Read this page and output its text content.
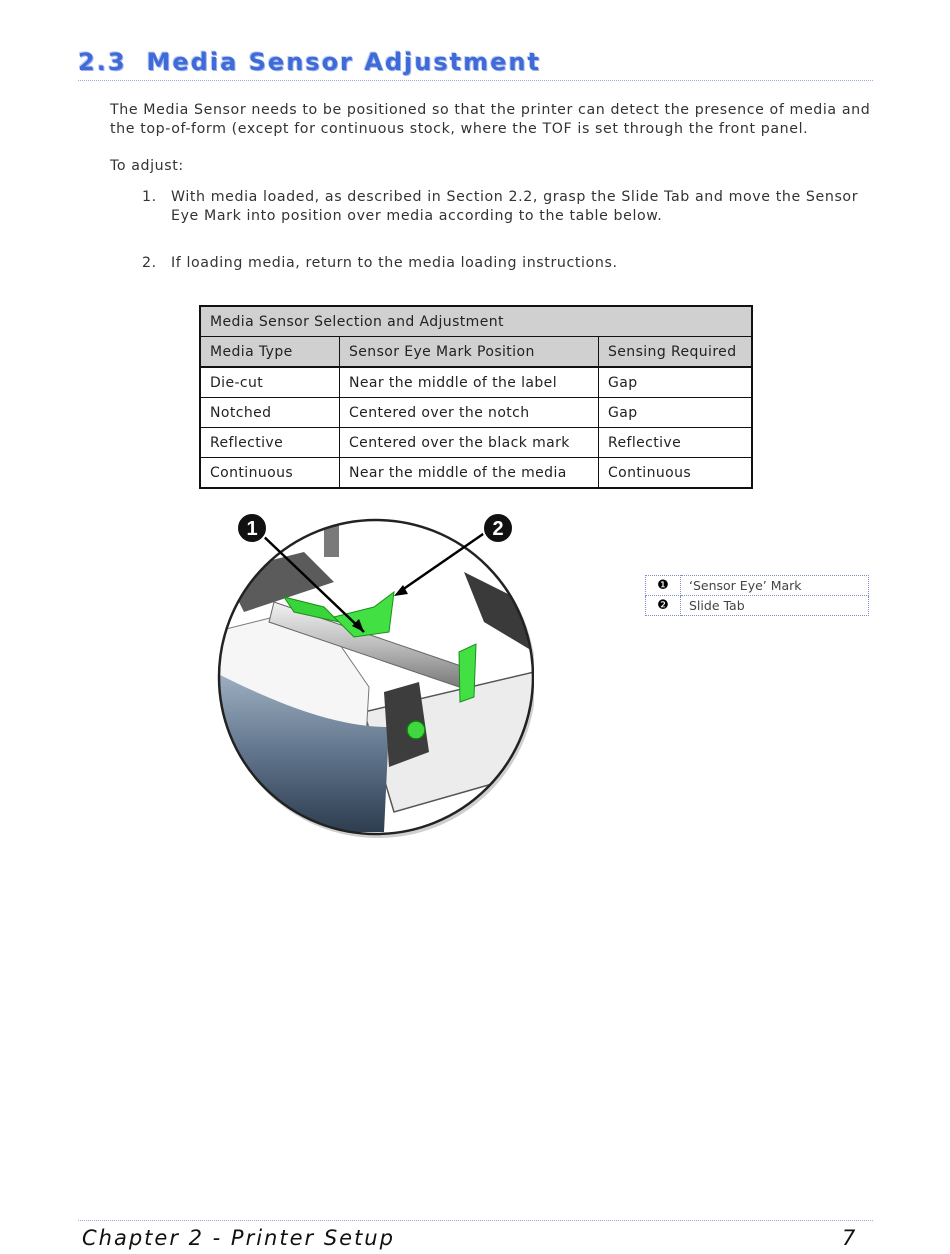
2.3 Media Sensor Adjustment
The Media Sensor needs to be positioned so that the printer can detect the presence of media and the top-of-form (except for continuous stock, where the TOF is set through the front panel.
To adjust:
1. With media loaded, as described in Section 2.2, grasp the Slide Tab and move the Sensor Eye Mark into position over media according to the table below.
2. If loading media, return to the media loading instructions.
Media Sensor Selection and Adjustment		
Media Type	Sensor Eye Mark Position	Sensing Required
Die-cut	Near the middle of the label	Gap
Notched	Centered over the notch	Gap
Reflective	Centered over the black mark	Reflective
Continuous	Near the middle of the media	Continuous
1	2
❶	‘Sensor Eye’ Mark
❷	Slide Tab
Chapter 2 - Printer Setup	7
